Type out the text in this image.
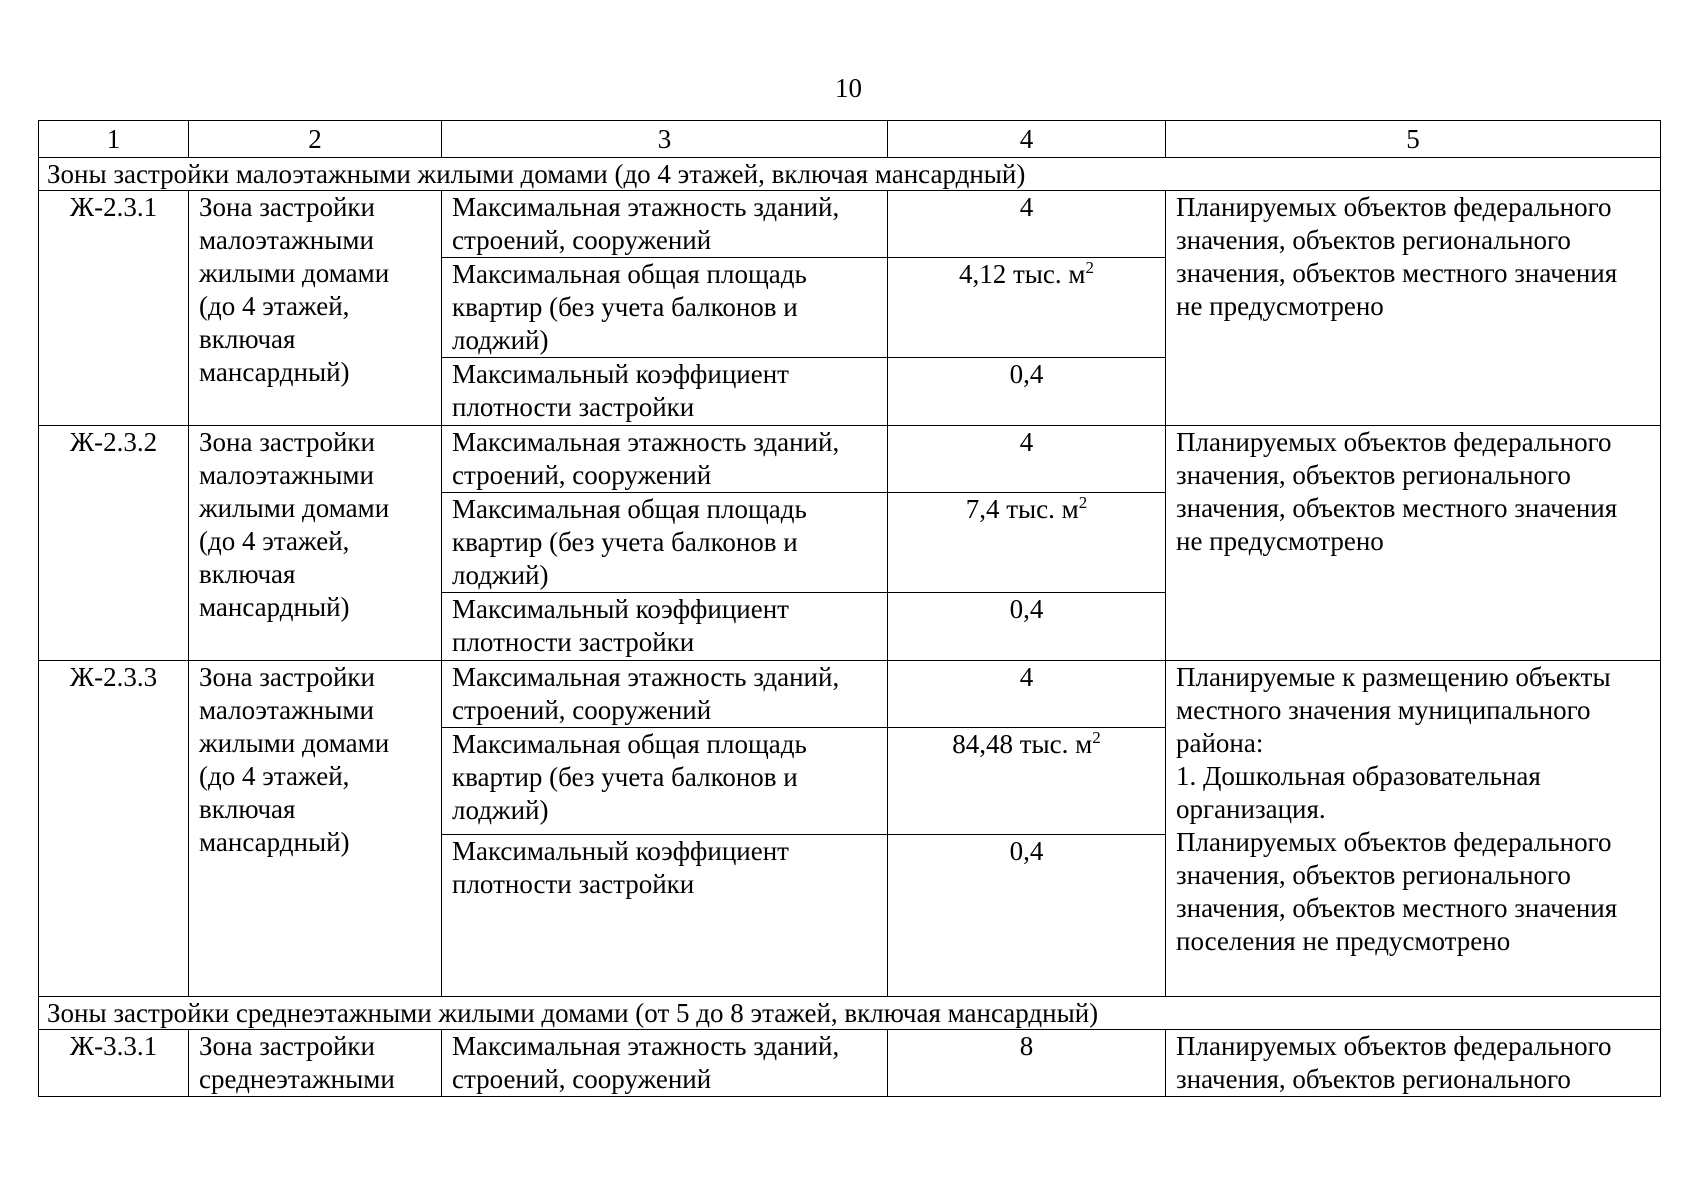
10
1	2	3	4	5
Зоны застройки малоэтажными жилыми домами (до 4 этажей, включая мансардный)				
Ж-2.3.1	Зона застройки малоэтажными жилыми домами (до 4 этажей, включая мансардный)	Максимальная этажность зданий, строений, сооружений	4	Планируемых объектов федерального значения, объектов регионального значения, объектов местного значения не предусмотрено
		Максимальная общая площадь квартир (без учета балконов и лоджий)	4,12 тыс. $м^2$
		Максимальный коэффициент плотности застройки	0,4	
Ж-2.3.2	Зона застройки малоэтажными жилыми домами (до 4 этажей, включая мансардный)	Максимальная этажность зданий, строений, сооружений	4	Планируемых объектов федерального значения, объектов регионального значения, объектов местного значения не предусмотрено
		Максимальная общая площадь квартир (без учета балконов и лоджий)	7,4 тыс. $м^2$
		Максимальный коэффициент плотности застройки	0,4	
Ж-2.3.3	Зона застройки малоэтажными жилыми домами (до 4 этажей, включая мансардный)	Максимальная этажность зданий, строений, сооружений	4	Планируемые к размещению объекты местного значения муниципального района:
1. Дошкольная образовательная организация.
Планируемых объектов федерального значения, объектов регионального значения, объектов местного значения поселения не предусмотрено

		Максимальная общая площадь квартир (без учета балконов и лоджий)	84,48 тыс. $м^2$
		Максимальный коэффициент плотности застройки	0,4	
Зоны застройки среднеэтажными жилыми домами (от 5 до 8 этажей, включая мансардный)				
Ж-3.3.1	Зона застройки среднеэтажными	Максимальная этажность зданий, строений, сооружений	8	Планируемых объектов федерального значения, объектов регионального
